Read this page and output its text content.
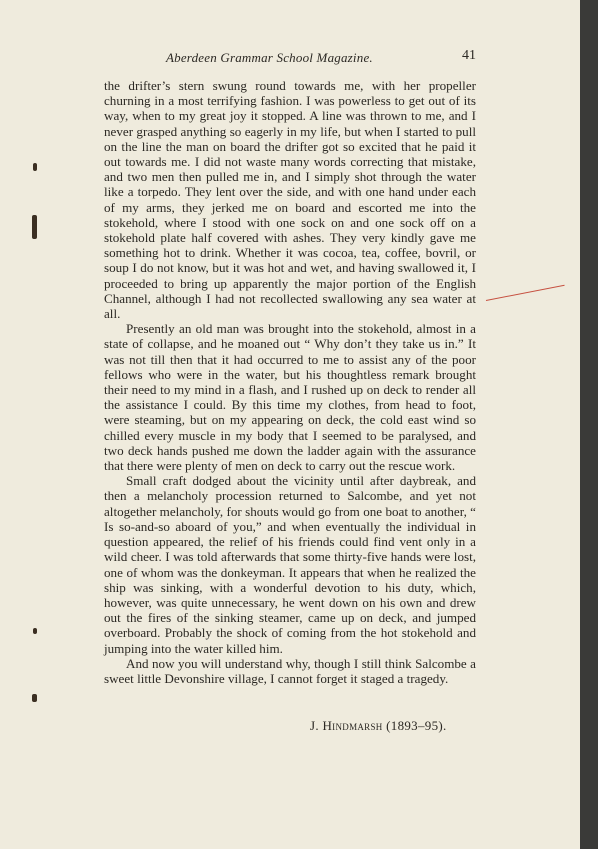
Aberdeen Grammar School Magazine.	41

the drifter’s stern swung round towards me, with her propeller churning in a most terrifying fashion. I was powerless to get out of its way, when to my great joy it stopped. A line was thrown to me, and I never grasped anything so eagerly in my life, but when I started to pull on the line the man on board the drifter got so excited that he paid it out towards me. I did not waste many words correcting that mistake, and two men then pulled me in, and I simply shot through the water like a torpedo. They lent over the side, and with one hand under each of my arms, they jerked me on board and escorted me into the stokehold, where I stood with one sock on and one sock off on a stokehold plate half covered with ashes. They very kindly gave me something hot to drink. Whether it was cocoa, tea, coffee, bovril, or soup I do not know, but it was hot and wet, and having swallowed it, I proceeded to bring up apparently the major portion of the English Channel, although I had not recollected swallowing any sea water at all.

Presently an old man was brought into the stokehold, almost in a state of collapse, and he moaned out “ Why don’t they take us in.” It was not till then that it had occurred to me to assist any of the poor fellows who were in the water, but his thoughtless remark brought their need to my mind in a flash, and I rushed up on deck to render all the assistance I could. By this time my clothes, from head to foot, were steaming, but on my appearing on deck, the cold east wind so chilled every muscle in my body that I seemed to be paralysed, and two deck hands pushed me down the ladder again with the assurance that there were plenty of men on deck to carry out the rescue work.

Small craft dodged about the vicinity until after daybreak, and then a melancholy procession returned to Salcombe, and yet not altogether melancholy, for shouts would go from one boat to another, “ Is so-and-so aboard of you,” and when eventually the individual in question appeared, the relief of his friends could find vent only in a wild cheer. I was told afterwards that some thirty-five hands were lost, one of whom was the donkeyman. It appears that when he realized the ship was sinking, with a wonderful devotion to his duty, which, however, was quite unnecessary, he went down on his own and drew out the fires of the sinking steamer, came up on deck, and jumped overboard. Probably the shock of coming from the hot stokehold and jumping into the water killed him.

And now you will understand why, though I still think Salcombe a sweet little Devonshire village, I cannot forget it staged a tragedy.

J. Hindmarsh (1893–95).
